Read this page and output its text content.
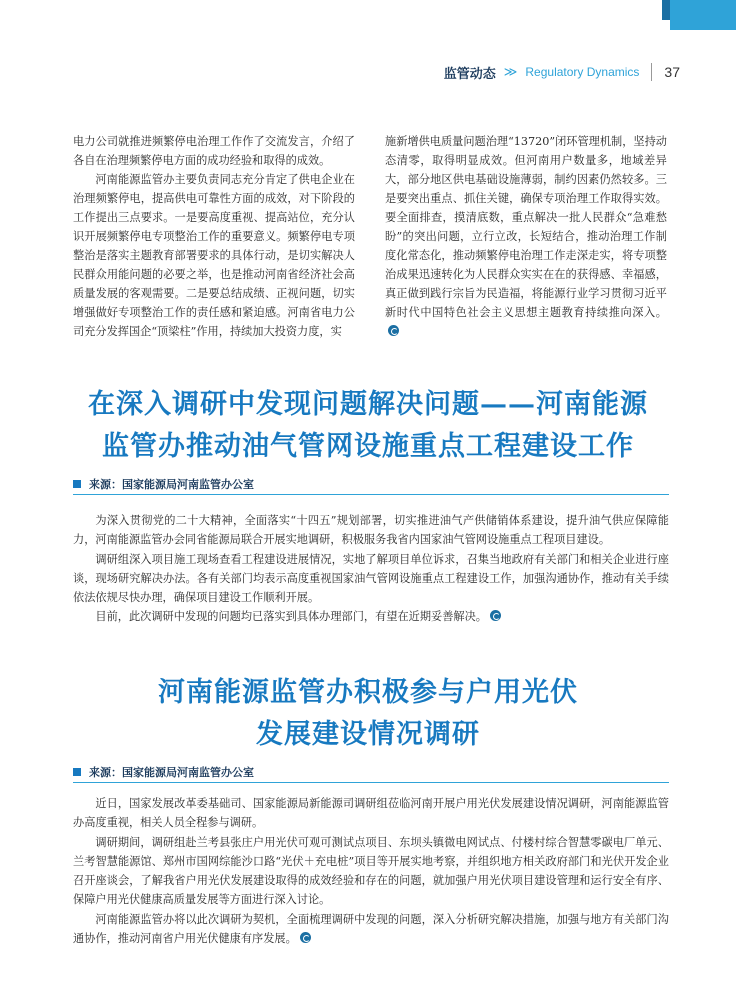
监管动态 ≫ Regulatory Dynamics 37

电力公司就推进频繁停电治理工作作了交流发言，介绍了各自在治理频繁停电方面的成功经验和取得的成效。

河南能源监管办主要负责同志充分肯定了供电企业在治理频繁停电，提高供电可靠性方面的成效，对下阶段的工作提出三点要求。一是要高度重视、提高站位，充分认识开展频繁停电专项整治工作的重要意义。频繁停电专项整治是落实主题教育部署要求的具体行动，是切实解决人民群众用能问题的必要之举，也是推动河南省经济社会高质量发展的客观需要。二是要总结成绩、正视问题，切实增强做好专项整治工作的责任感和紧迫感。河南省电力公司充分发挥国企“顶梁柱”作用，持续加大投资力度，实

施新增供电质量问题治理“13720”闭环管理机制，坚持动态清零，取得明显成效。但河南用户数量多，地域差异大，部分地区供电基础设施薄弱，制约因素仍然较多。三是要突出重点、抓住关键，确保专项治理工作取得实效。要全面排查，摸清底数，重点解决一批人民群众“急难愁盼”的突出问题，立行立改，长短结合，推动治理工作制度化常态化，推动频繁停电治理工作走深走实，将专项整治成果迅速转化为人民群众实实在在的获得感、幸福感，真正做到践行宗旨为民造福，将能源行业学习贯彻习近平新时代中国特色社会主义思想主题教育持续推向深入。

在深入调研中发现问题解决问题——河南能源
监管办推动油气管网设施重点工程建设工作
来源：国家能源局河南监管办公室

为深入贯彻党的二十大精神，全面落实“十四五”规划部署，切实推进油气产供储销体系建设，提升油气供应保障能力，河南能源监管办会同省能源局联合开展实地调研，积极服务我省内国家油气管网设施重点工程项目建设。

调研组深入项目施工现场查看工程建设进展情况，实地了解项目单位诉求，召集当地政府有关部门和相关企业进行座谈，现场研究解决办法。各有关部门均表示高度重视国家油气管网设施重点工程建设工作，加强沟通协作，推动有关手续依法依规尽快办理，确保项目建设工作顺利开展。

目前，此次调研中发现的问题均已落实到具体办理部门，有望在近期妥善解决。

河南能源监管办积极参与户用光伏
发展建设情况调研
来源：国家能源局河南监管办公室

近日，国家发展改革委基础司、国家能源局新能源司调研组莅临河南开展户用光伏发展建设情况调研，河南能源监管办高度重视，相关人员全程参与调研。

调研期间，调研组赴兰考县张庄户用光伏可观可测试点项目、东坝头镇微电网试点、付楼村综合智慧零碳电厂单元、兰考智慧能源馆、郑州市国网综能沙口路“光伏＋充电桩”项目等开展实地考察，并组织地方相关政府部门和光伏开发企业召开座谈会，了解我省户用光伏发展建设取得的成效经验和存在的问题，就加强户用光伏项目建设管理和运行安全有序、保障户用光伏健康高质量发展等方面进行深入讨论。

河南能源监管办将以此次调研为契机，全面梳理调研中发现的问题，深入分析研究解决措施，加强与地方有关部门沟通协作，推动河南省户用光伏健康有序发展。
